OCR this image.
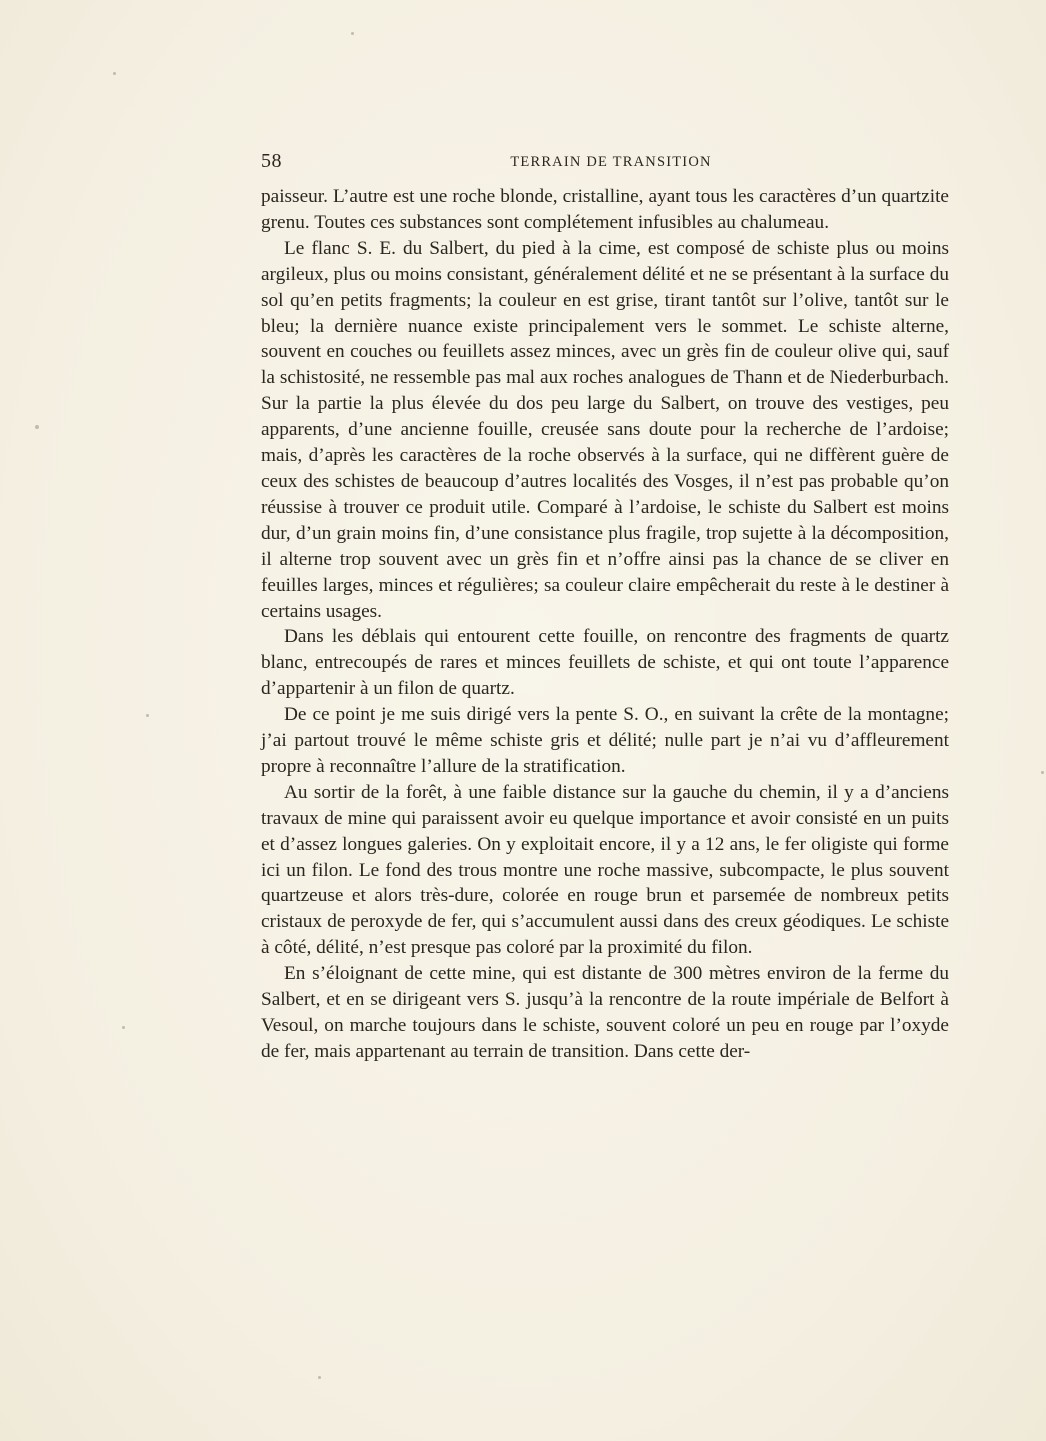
58	TERRAIN DE TRANSITION

paisseur. L’autre est une roche blonde, cristalline, ayant tous les caractères d’un quartzite grenu. Toutes ces substances sont complétement infusibles au chalumeau.

Le flanc S. E. du Salbert, du pied à la cime, est composé de schiste plus ou moins argileux, plus ou moins consistant, généralement délité et ne se présentant à la surface du sol qu’en petits fragments; la couleur en est grise, tirant tantôt sur l’olive, tantôt sur le bleu; la dernière nuance existe principalement vers le sommet. Le schiste alterne, souvent en couches ou feuillets assez minces, avec un grès fin de couleur olive qui, sauf la schistosité, ne ressemble pas mal aux roches analogues de Thann et de Niederburbach. Sur la partie la plus élevée du dos peu large du Salbert, on trouve des vestiges, peu apparents, d’une ancienne fouille, creusée sans doute pour la recherche de l’ardoise; mais, d’après les caractères de la roche observés à la surface, qui ne diffèrent guère de ceux des schistes de beaucoup d’autres localités des Vosges, il n’est pas probable qu’on réussise à trouver ce produit utile. Comparé à l’ardoise, le schiste du Salbert est moins dur, d’un grain moins fin, d’une consistance plus fragile, trop sujette à la décomposition, il alterne trop souvent avec un grès fin et n’offre ainsi pas la chance de se cliver en feuilles larges, minces et régulières; sa couleur claire empêcherait du reste à le destiner à certains usages.

Dans les déblais qui entourent cette fouille, on rencontre des fragments de quartz blanc, entrecoupés de rares et minces feuillets de schiste, et qui ont toute l’apparence d’appartenir à un filon de quartz.

De ce point je me suis dirigé vers la pente S. O., en suivant la crête de la montagne; j’ai partout trouvé le même schiste gris et délité; nulle part je n’ai vu d’affleurement propre à reconnaître l’allure de la stratification.

Au sortir de la forêt, à une faible distance sur la gauche du chemin, il y a d’anciens travaux de mine qui paraissent avoir eu quelque importance et avoir consisté en un puits et d’assez longues galeries. On y exploitait encore, il y a 12 ans, le fer oligiste qui forme ici un filon. Le fond des trous montre une roche massive, subcompacte, le plus souvent quartzeuse et alors très-dure, colorée en rouge brun et parsemée de nombreux petits cristaux de peroxyde de fer, qui s’accumulent aussi dans des creux géodiques. Le schiste à côté, délité, n’est presque pas coloré par la proximité du filon.

En s’éloignant de cette mine, qui est distante de 300 mètres environ de la ferme du Salbert, et en se dirigeant vers S. jusqu’à la rencontre de la route impériale de Belfort à Vesoul, on marche toujours dans le schiste, souvent coloré un peu en rouge par l’oxyde de fer, mais appartenant au terrain de transition. Dans cette der-
